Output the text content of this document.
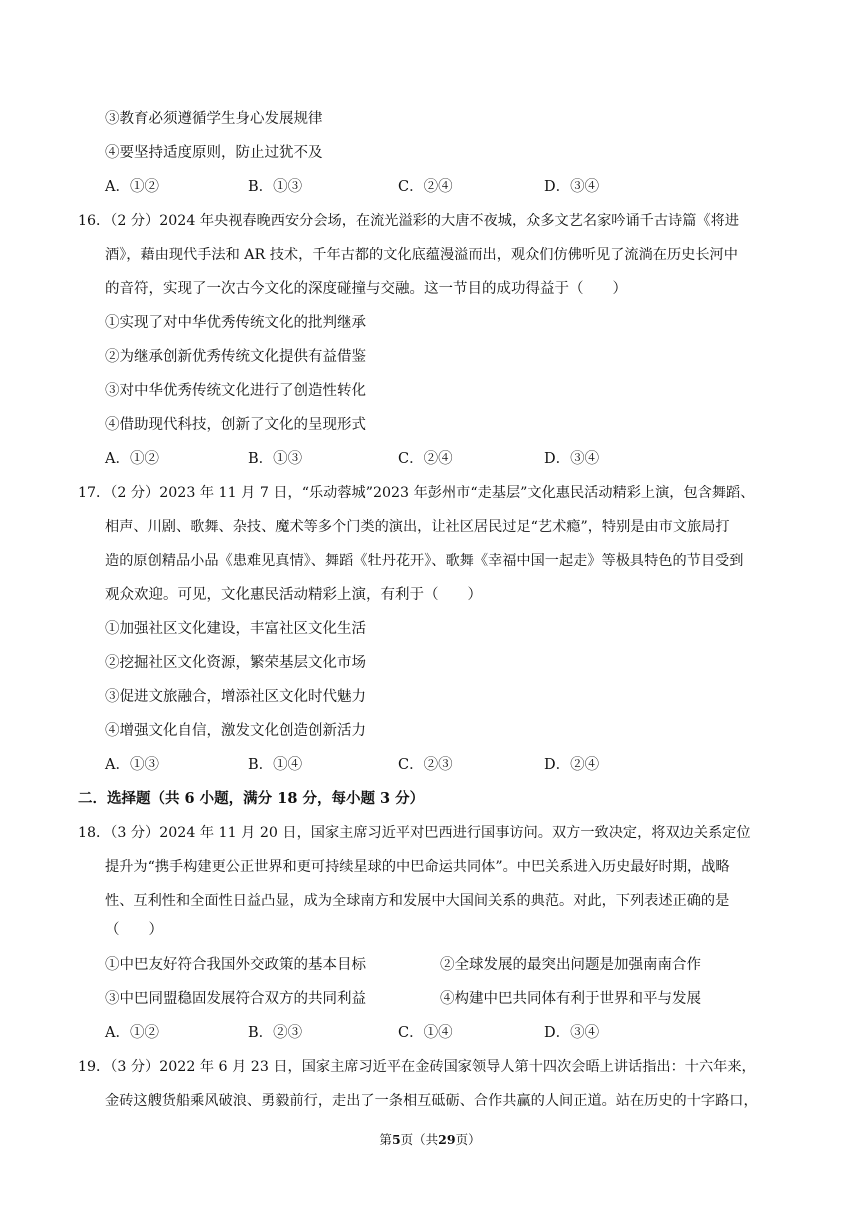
③教育必须遵循学生身心发展规律
④要坚持适度原则，防止过犹不及
A．①②	B．①③	C．②④	D．③④
16．（2 分）2024 年央视春晚西安分会场，在流光溢彩的大唐不夜城，众多文艺名家吟诵千古诗篇《将进
酒》，藉由现代手法和 AR 技术，千年古都的文化底蕴漫溢而出，观众们仿佛听见了流淌在历史长河中
的音符，实现了一次古今文化的深度碰撞与交融。这一节目的成功得益于（　　）
①实现了对中华优秀传统文化的批判继承
②为继承创新优秀传统文化提供有益借鉴
③对中华优秀传统文化进行了创造性转化
④借助现代科技，创新了文化的呈现形式
A．①②	B．①③	C．②④	D．③④
17．（2 分）2023 年 11 月 7 日，“乐动蓉城”2023 年彭州市“走基层”文化惠民活动精彩上演，包含舞蹈、
相声、川剧、歌舞、杂技、魔术等多个门类的演出，让社区居民过足“艺术瘾”，特别是由市文旅局打
造的原创精品小品《患难见真情》、舞蹈《牡丹花开》、歌舞《幸福中国一起走》等极具特色的节目受到
观众欢迎。可见，文化惠民活动精彩上演，有利于（　　）
①加强社区文化建设，丰富社区文化生活
②挖掘社区文化资源，繁荣基层文化市场
③促进文旅融合，增添社区文化时代魅力
④增强文化自信，激发文化创造创新活力
A．①③	B．①④	C．②③	D．②④
二．选择题（共 6 小题，满分 18 分，每小题 3 分）
18．（3 分）2024 年 11 月 20 日，国家主席习近平对巴西进行国事访问。双方一致决定，将双边关系定位
提升为“携手构建更公正世界和更可持续星球的中巴命运共同体”。中巴关系进入历史最好时期，战略
性、互利性和全面性日益凸显，成为全球南方和发展中大国间关系的典范。对此，下列表述正确的是
（　　）
①中巴友好符合我国外交政策的基本目标	②全球发展的最突出问题是加强南南合作
③中巴同盟稳固发展符合双方的共同利益	④构建中巴共同体有利于世界和平与发展
A．①②	B．②③	C．①④	D．③④
19．（3 分）2022 年 6 月 23 日，国家主席习近平在金砖国家领导人第十四次会晤上讲话指出：十六年来，
金砖这艘货船乘风破浪、勇毅前行，走出了一条相互砥砺、合作共赢的人间正道。站在历史的十字路口，
第5页（共29页）
